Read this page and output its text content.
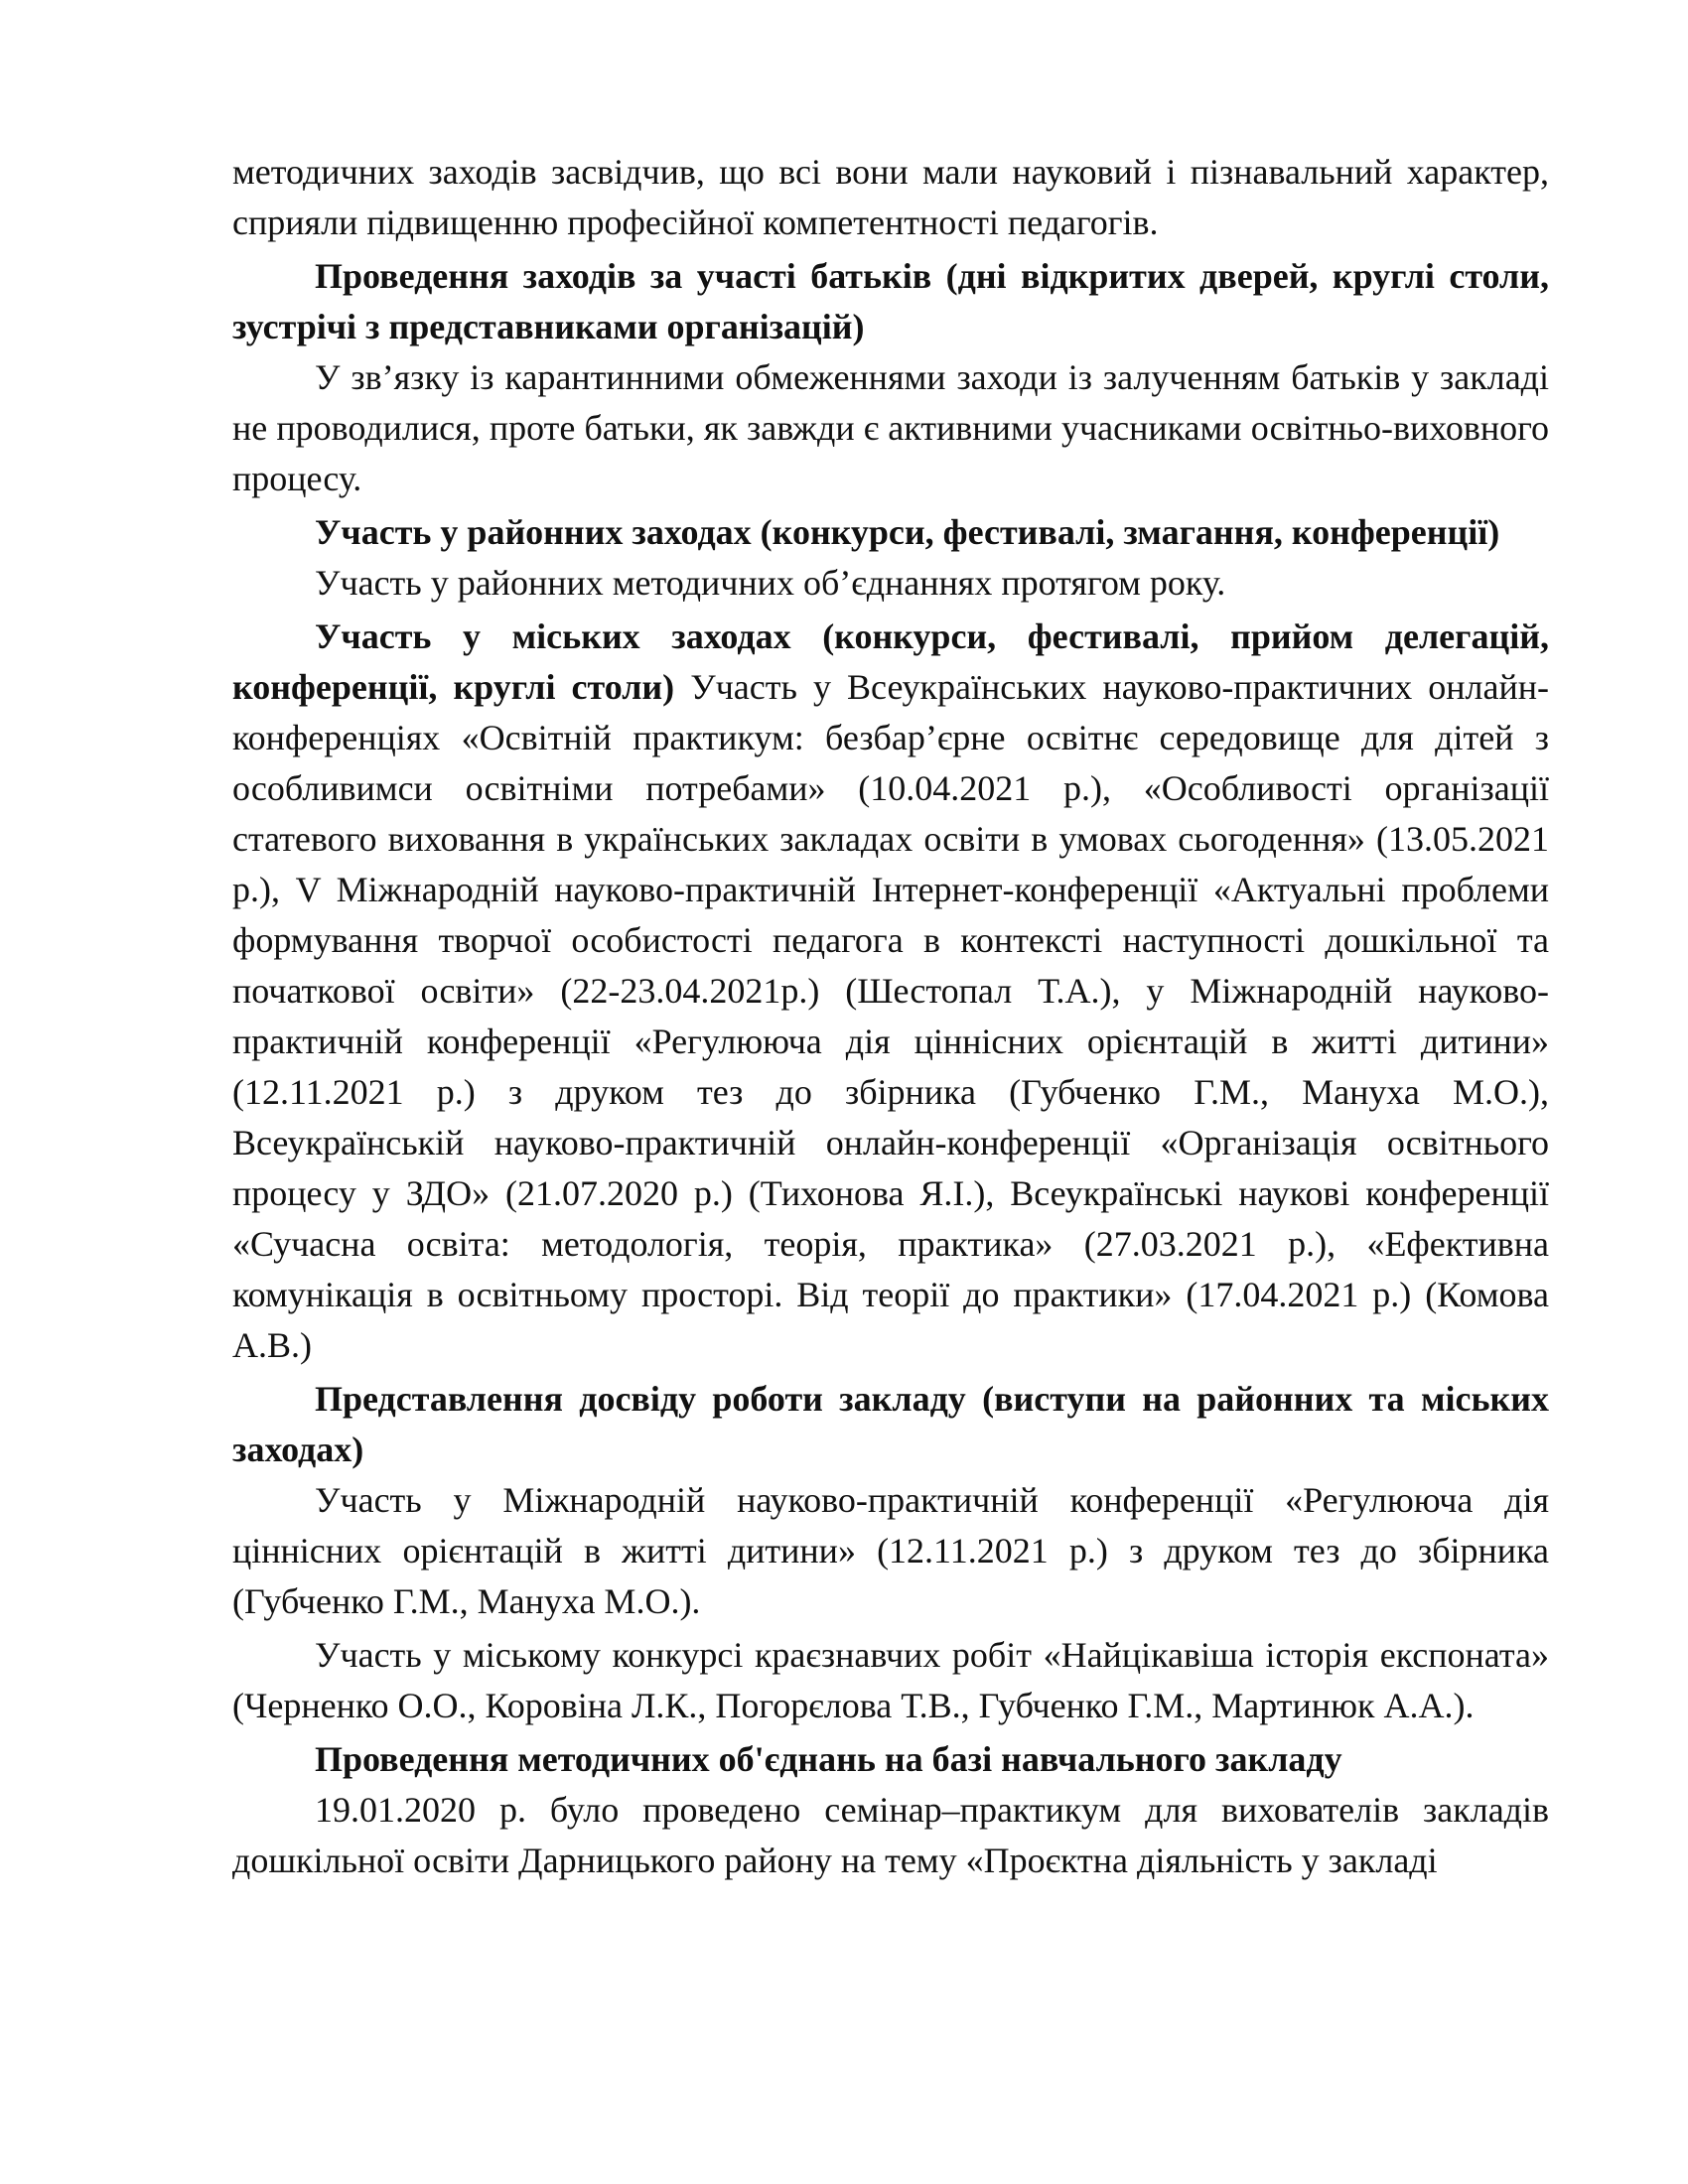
методичних заходів засвідчив, що всі вони мали науковий і пізнавальний характер, сприяли підвищенню професійної компетентності педагогів.

Проведення заходів за участі батьків (дні відкритих дверей, круглі столи, зустрічі з представниками організацій)

У зв’язку із карантинними обмеженнями заходи із залученням батьків у закладі не проводилися, проте батьки, як завжди є активними учасниками освітньо-виховного процесу.

Участь у районних заходах (конкурси, фестивалі, змагання, конференції)

Участь у районних методичних об’єднаннях протягом року.

Участь у міських заходах (конкурси, фестивалі, прийом делегацій, конференції, круглі столи) Участь у Всеукраїнських науково-практичних онлайн-конференціях «Освітній практикум: безбар’єрне освітнє середовище для дітей з особливимси освітніми потребами» (10.04.2021 р.), «Особливості організації статевого виховання в українських закладах освіти в умовах сьогодення» (13.05.2021 р.), V Міжнародній науково-практичній Інтернет-конференції «Актуальні проблеми формування творчої особистості педагога в контексті наступності дошкільної та початкової освіти» (22-23.04.2021р.) (Шестопал Т.А.), у Міжнародній науково-практичній конференції «Регулююча дія ціннісних орієнтацій в житті дитини» (12.11.2021 р.) з друком тез до збірника (Губченко Г.М., Мануха М.О.), Всеукраїнській науково-практичній онлайн-конференції «Організація освітнього процесу у ЗДО» (21.07.2020 р.) (Тихонова Я.І.), Всеукраїнські наукові конференції «Сучасна освіта: методологія, теорія, практика» (27.03.2021 р.), «Ефективна комунікація в освітньому просторі. Від теорії до практики» (17.04.2021 р.) (Комова А.В.)

Представлення досвіду роботи закладу (виступи на районних та міських заходах)

Участь у Міжнародній науково-практичній конференції «Регулююча дія ціннісних орієнтацій в житті дитини» (12.11.2021 р.) з друком тез до збірника (Губченко Г.М., Мануха М.О.).

Участь у міському конкурсі краєзнавчих робіт «Найцікавіша історія експоната» (Черненко О.О., Коровіна Л.К., Погорєлова Т.В., Губченко Г.М., Мартинюк А.А.).

Проведення методичних об'єднань на базі навчального закладу

19.01.2020 р. було проведено семінар–практикум для вихователів закладів дошкільної освіти Дарницького району на тему «Проєктна діяльність у закладі
